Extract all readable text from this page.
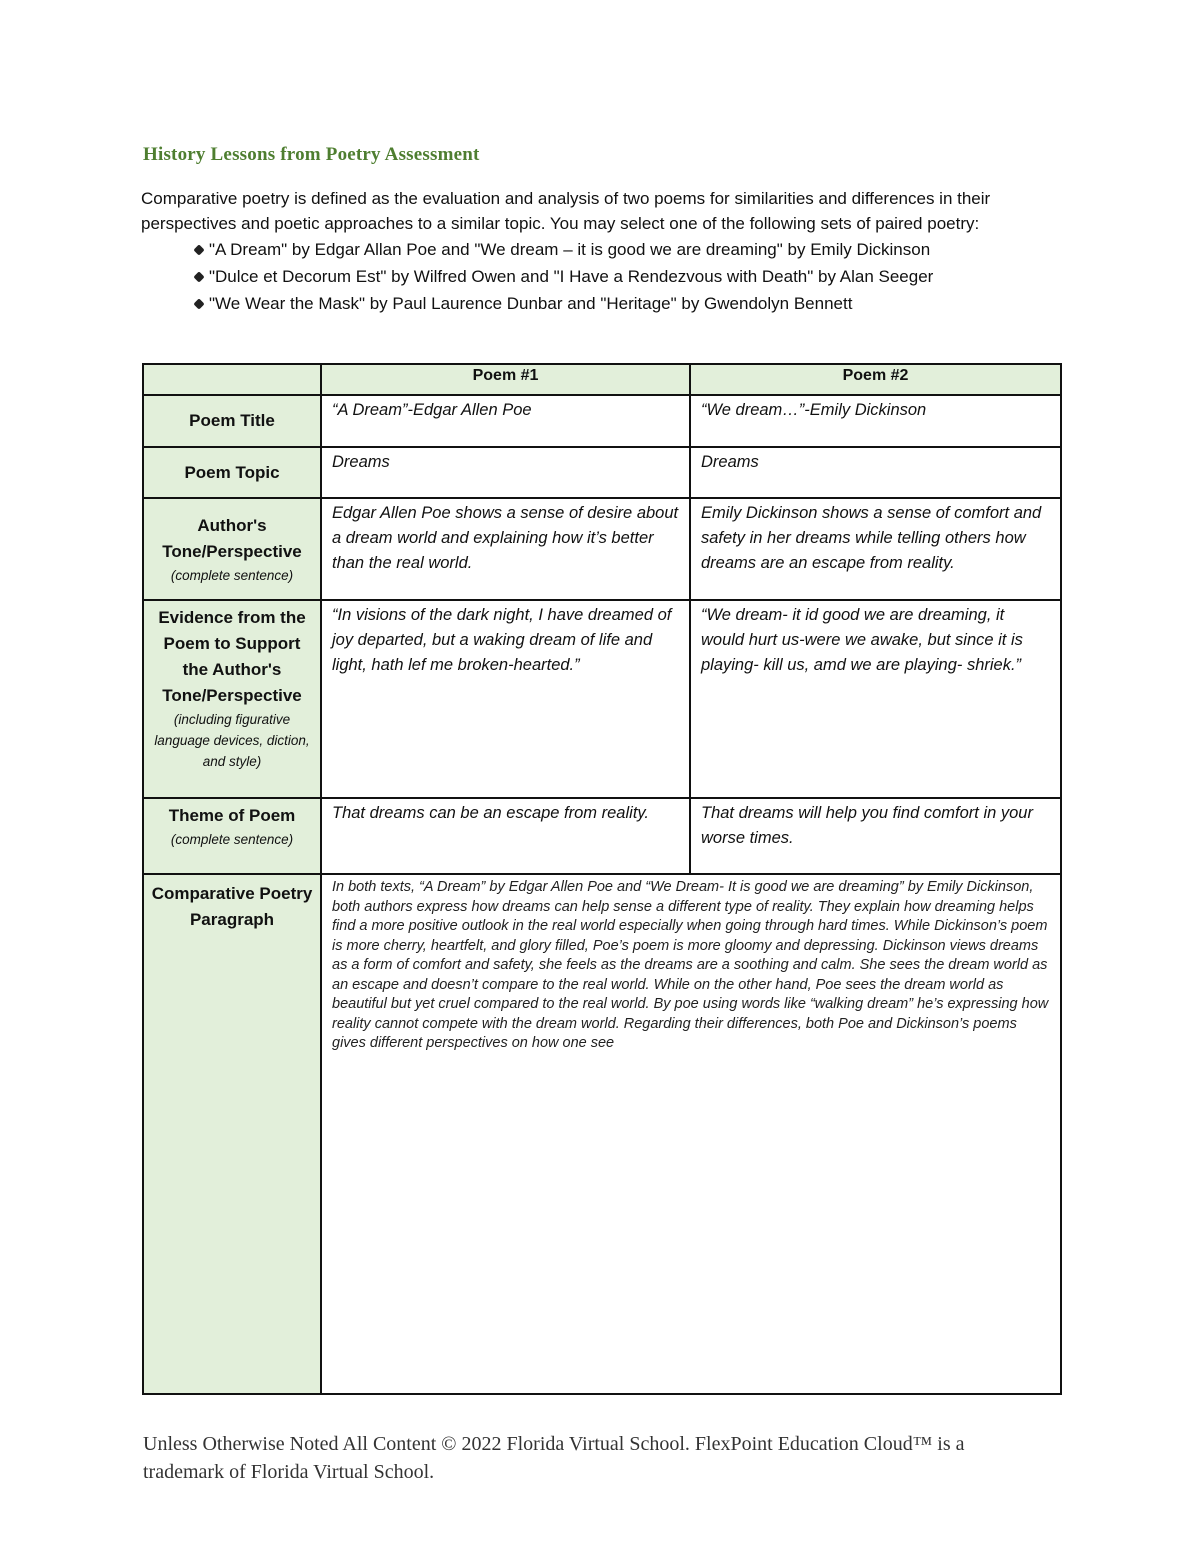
History Lessons from Poetry Assessment
Comparative poetry is defined as the evaluation and analysis of two poems for similarities and differences in their perspectives and poetic approaches to a similar topic. You may select one of the following sets of paired poetry:
"A Dream" by Edgar Allan Poe and "We dream – it is good we are dreaming" by Emily Dickinson
"Dulce et Decorum Est" by Wilfred Owen and "I Have a Rendezvous with Death" by Alan Seeger
"We Wear the Mask" by Paul Laurence Dunbar and "Heritage" by Gwendolyn Bennett
	Poem #1	Poem #2
Poem Title	“A Dream”-Edgar Allen Poe	“We dream…”-Emily Dickinson
Poem Topic	Dreams	Dreams
Author's Tone/Perspective
(complete sentence)	Edgar Allen Poe shows a sense of desire about a dream world and explaining how it’s better than the real world.	Emily Dickinson shows a sense of comfort and safety in her dreams while telling others how dreams are an escape from reality.
Evidence from the Poem to Support the Author's Tone/Perspective
(including figurative language devices, diction, and style)	“In visions of the dark night, I have dreamed of joy departed, but a waking dream of life and light, hath lef me broken-hearted.”	“We dream- it id good we are dreaming, it would hurt us-were we awake, but since it is playing- kill us, amd we are playing- shriek.”
Theme of Poem
(complete sentence)	That dreams can be an escape from reality.	That dreams will help you find comfort in your worse times.
Comparative Poetry Paragraph	In both texts, “A Dream” by Edgar Allen Poe and “We Dream- It is good we are dreaming” by Emily Dickinson, both authors express how dreams can help sense a different type of reality. They explain how dreaming helps find a more positive outlook in the real world especially when going through hard times. While Dickinson’s poem is more cherry, heartfelt, and glory filled, Poe’s poem is more gloomy and depressing. Dickinson views dreams as a form of comfort and safety, she feels as the dreams are a soothing and calm. She sees the dream world as an escape and doesn’t compare to the real world. While on the other hand, Poe sees the dream world as beautiful but yet cruel compared to the real world. By poe using words like “walking dream” he’s expressing how reality cannot compete with the dream world. Regarding their differences, both Poe and Dickinson’s poems gives different perspectives on how one see	
Unless Otherwise Noted All Content © 2022 Florida Virtual School. FlexPoint Education Cloud™ is a trademark of Florida Virtual School.
